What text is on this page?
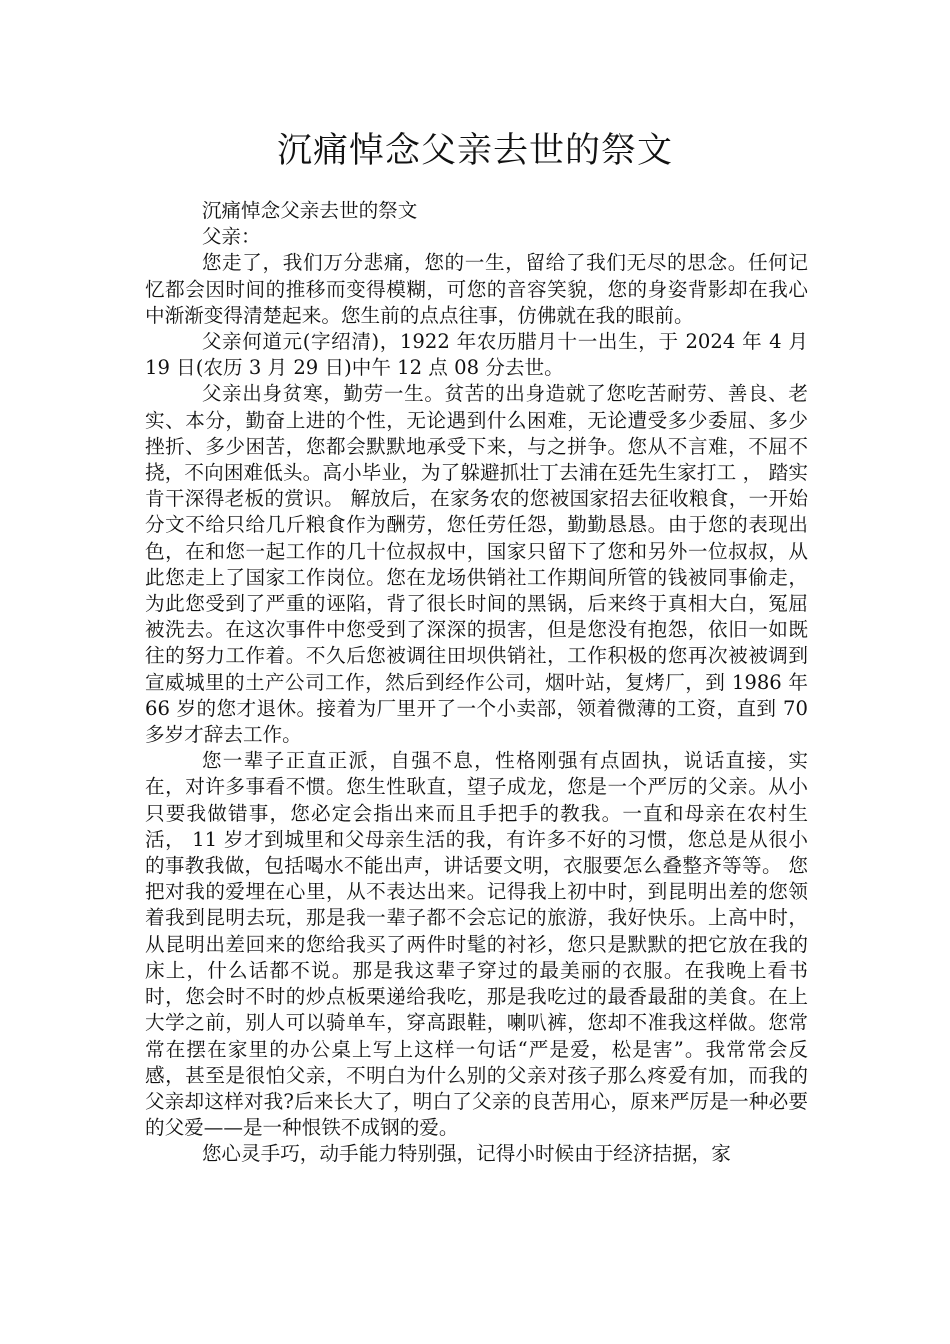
沉痛悼念父亲去世的祭文

沉痛悼念父亲去世的祭文

父亲：

您走了，我们万分悲痛，您的一生，留给了我们无尽的思念。任何记忆都会因时间的推移而变得模糊，可您的音容笑貌，您的身姿背影却在我心中渐渐变得清楚起来。您生前的点点往事，仿佛就在我的眼前。

父亲何道元(字绍清)，1922 年农历腊月十一出生，于 2024 年 4 月 19 日(农历 3 月 29 日)中午 12 点 08 分去世。

父亲出身贫寒，勤劳一生。贫苦的出身造就了您吃苦耐劳、善良、老实、本分，勤奋上进的个性，无论遇到什么困难，无论遭受多少委屈、多少挫折、多少困苦，您都会默默地承受下来，与之拼争。您从不言难，不屈不挠，不向困难低头。高小毕业，为了躲避抓壮丁去浦在廷先生家打工 ， 踏实肯干深得老板的赏识。 解放后，在家务农的您被国家招去征收粮食，一开始分文不给只给几斤粮食作为酬劳，您任劳任怨，勤勤恳恳。由于您的表现出色，在和您一起工作的几十位叔叔中，国家只留下了您和另外一位叔叔，从此您走上了国家工作岗位。您在龙场供销社工作期间所管的钱被同事偷走，为此您受到了严重的诬陷，背了很长时间的黑锅，后来终于真相大白，冤屈被洗去。在这次事件中您受到了深深的损害，但是您没有抱怨，依旧一如既往的努力工作着。不久后您被调往田坝供销社，工作积极的您再次被被调到宣威城里的土产公司工作，然后到经作公司，烟叶站，复烤厂，到 1986 年 66 岁的您才退休。接着为厂里开了一个小卖部，领着微薄的工资，直到 70 多岁才辞去工作。

您一辈子正直正派，自强不息，性格刚强有点固执，说话直接，实在，对许多事看不惯。您生性耿直，望子成龙，您是一个严厉的父亲。从小只要我做错事，您必定会指出来而且手把手的教我。一直和母亲在农村生活， 11 岁才到城里和父母亲生活的我，有许多不好的习惯，您总是从很小的事教我做，包括喝水不能出声，讲话要文明，衣服要怎么叠整齐等等。 您把对我的爱埋在心里，从不表达出来。记得我上初中时，到昆明出差的您领着我到昆明去玩，那是我一辈子都不会忘记的旅游，我好快乐。上高中时，从昆明出差回来的您给我买了两件时髦的衬衫，您只是默默的把它放在我的床上，什么话都不说。那是我这辈子穿过的最美丽的衣服。在我晚上看书时，您会时不时的炒点板栗递给我吃，那是我吃过的最香最甜的美食。在上大学之前，别人可以骑单车，穿高跟鞋，喇叭裤，您却不准我这样做。您常常在摆在家里的办公桌上写上这样一句话“严是爱，松是害”。我常常会反感，甚至是很怕父亲，不明白为什么别的父亲对孩子那么疼爱有加，而我的父亲却这样对我?后来长大了，明白了父亲的良苦用心，原来严厉是一种必要的父爱——是一种恨铁不成钢的爱。

您心灵手巧，动手能力特别强，记得小时候由于经济拮据，家
